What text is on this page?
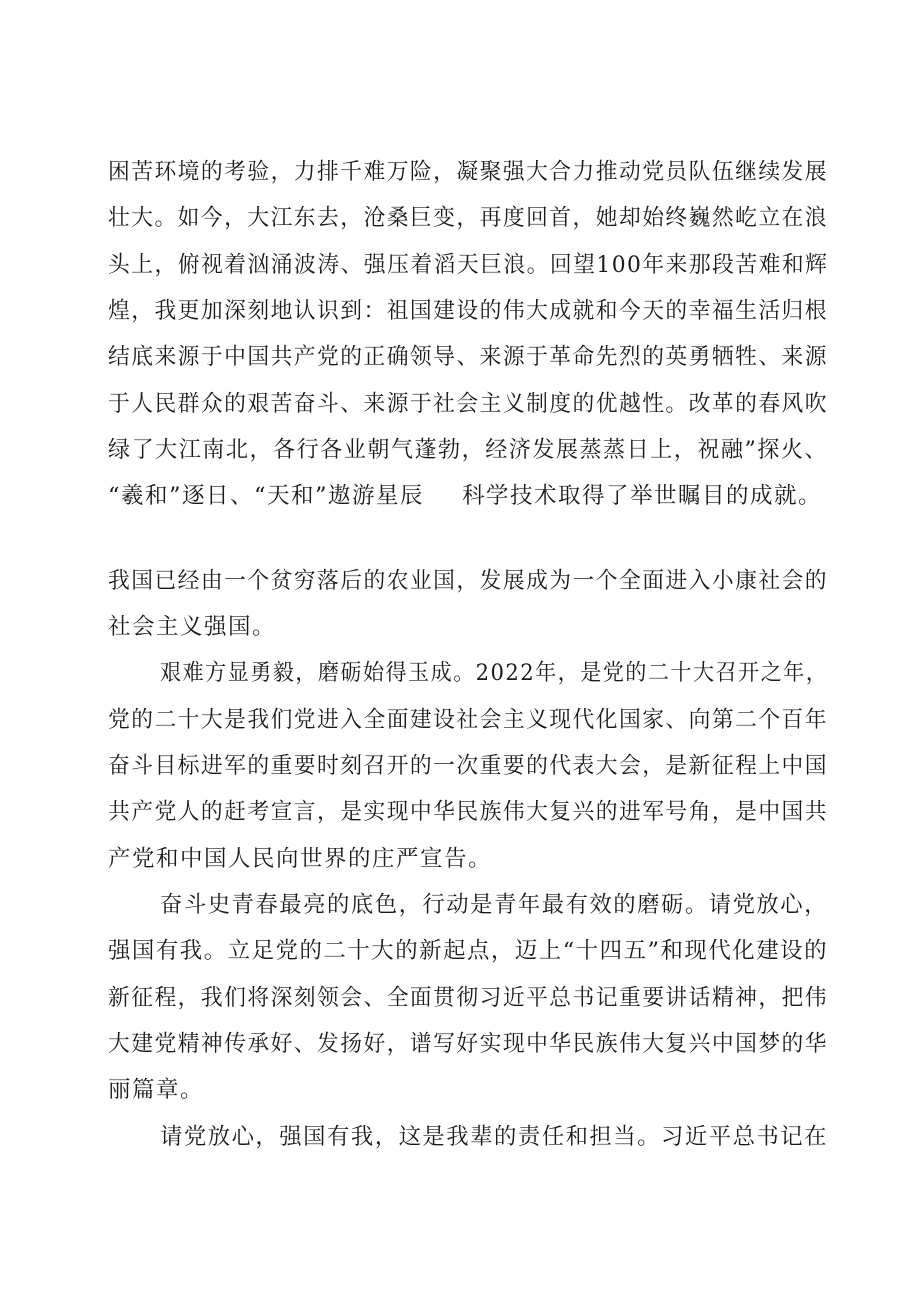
困苦环境的考验，力排千难万险，凝聚强大合力推动党员队伍继续发展
壮大。如今，大江东去，沧桑巨变，再度回首，她却始终巍然屹立在浪
头上，俯视着汹涌波涛、强压着滔天巨浪。回望100年来那段苦难和辉
煌，我更加深刻地认识到：祖国建设的伟大成就和今天的幸福生活归根
结底来源于中国共产党的正确领导、来源于革命先烈的英勇牺牲、来源
于人民群众的艰苦奋斗、来源于社会主义制度的优越性。改革的春风吹
绿了大江南北，各行各业朝气蓬勃，经济发展蒸蒸日上，祝融”探火、
“羲和”逐日、“天和”遨游星辰 科学技术取得了举世瞩目的成就。
我国已经由一个贫穷落后的农业国，发展成为一个全面进入小康社会的
社会主义强国。
艰难方显勇毅，磨砺始得玉成。2022年，是党的二十大召开之年，
党的二十大是我们党进入全面建设社会主义现代化国家、向第二个百年
奋斗目标进军的重要时刻召开的一次重要的代表大会，是新征程上中国
共产党人的赶考宣言，是实现中华民族伟大复兴的进军号角，是中国共
产党和中国人民向世界的庄严宣告。
奋斗史青春最亮的底色，行动是青年最有效的磨砺。请党放心，
强国有我。立足党的二十大的新起点，迈上“十四五”和现代化建设的
新征程，我们将深刻领会、全面贯彻习近平总书记重要讲话精神，把伟
大建党精神传承好、发扬好，谱写好实现中华民族伟大复兴中国梦的华
丽篇章。
请党放心，强国有我，这是我辈的责任和担当。习近平总书记在
